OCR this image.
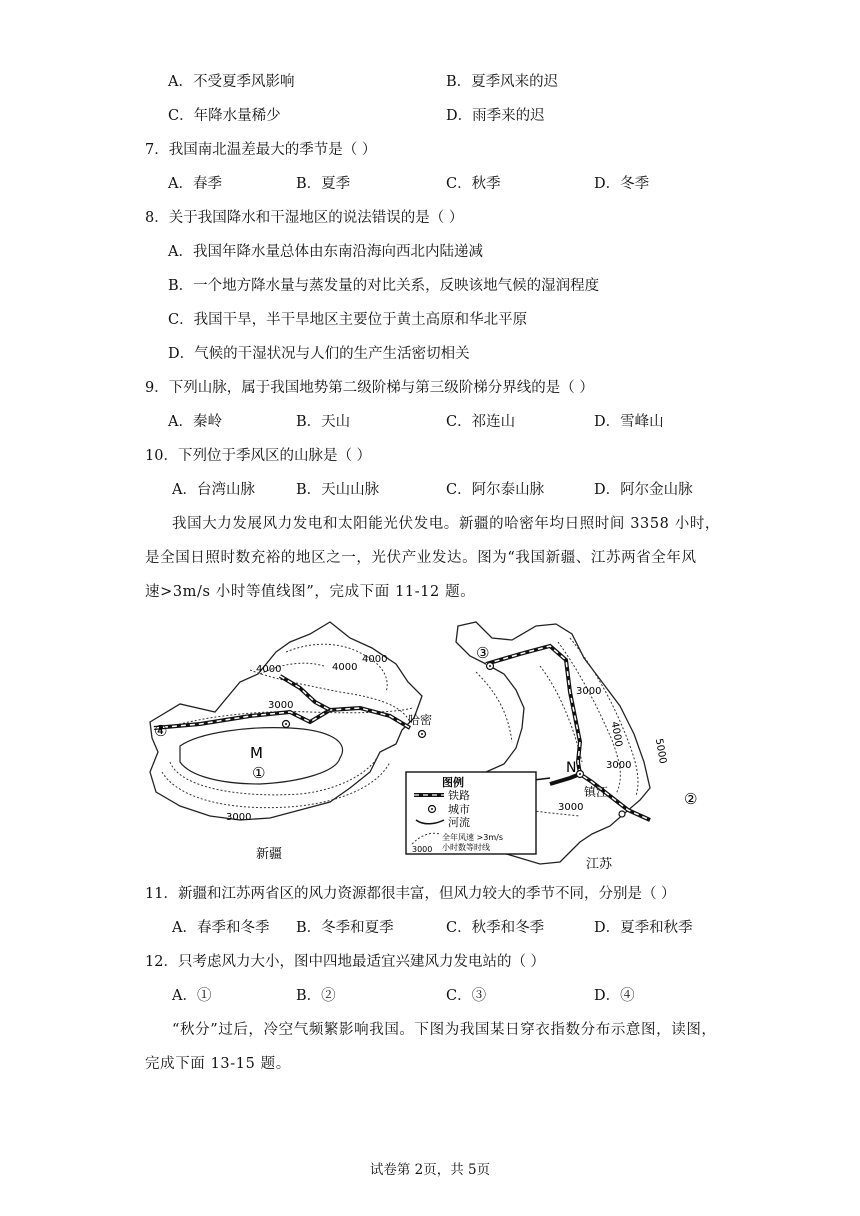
A．不受夏季风影响	B．夏季风来的迟
C．年降水量稀少	D．雨季来的迟
7．我国南北温差最大的季节是（ ）
A．春季	B．夏季	C．秋季	D．冬季
8．关于我国降水和干湿地区的说法错误的是（ ）
A．我国年降水量总体由东南沿海向西北内陆递减
B．一个地方降水量与蒸发量的对比关系，反映该地气候的湿润程度
C．我国干旱，半干旱地区主要位于黄土高原和华北平原
D．气候的干湿状况与人们的生产生活密切相关
9．下列山脉，属于我国地势第二级阶梯与第三级阶梯分界线的是（ ）
A．秦岭	B．天山	C．祁连山	D．雪峰山
10．下列位于季风区的山脉是（ ）
A．台湾山脉	B．天山山脉	C．阿尔泰山脉	D．阿尔金山脉
我国大力发展风力发电和太阳能光伏发电。新疆的哈密年均日照时间 3358 小时，
是全国日照时数充裕的地区之一，光伏产业发达。图为“我国新疆、江苏两省全年风
速>3m/s 小时等值线图”，完成下面 11-12 题。
4000	4000
4000
3000
3000
哈密
M
①
④
新疆
③
3000
4000
5000
3000
3000
N
镇江	②
江苏
图例
铁路
城市
河流
3000
全年风速 >3m/s
小时数等时线
11．新疆和江苏两省区的风力资源都很丰富，但风力较大的季节不同，分别是（ ）
A．春季和冬季 B．冬季和夏季	C．秋季和冬季	D．夏季和秋季
12．只考虑风力大小，图中四地最适宜兴建风力发电站的（ ）
A．①	B．②	C．③	D．④
“秋分”过后，冷空气频繁影响我国。下图为我国某日穿衣指数分布示意图，读图，
完成下面 13-15 题。
试卷第 2页，共 5页
